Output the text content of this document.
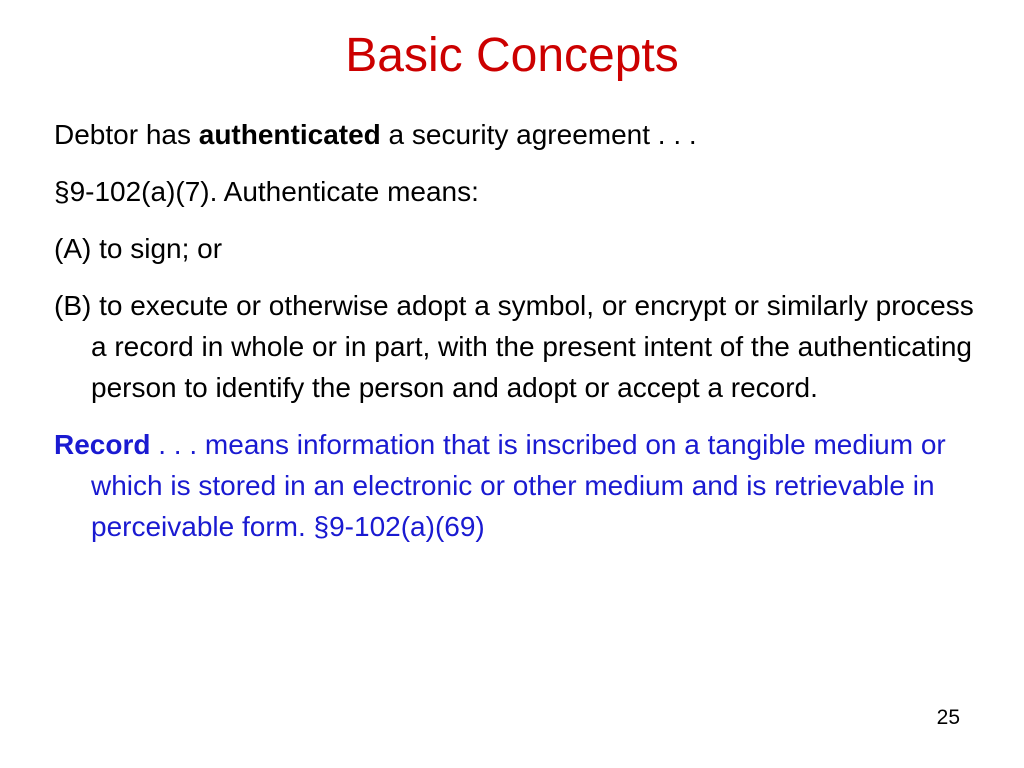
Basic Concepts

Debtor has authenticated a security agreement . . .

§9-102(a)(7). Authenticate means:

(A) to sign; or

(B) to execute or otherwise adopt a symbol, or encrypt or similarly process a record in whole or in part, with the present intent of the authenticating person to identify the person and adopt or accept a record.

Record . . . means information that is inscribed on a tangible medium or which is stored in an electronic or other medium and is retrievable in perceivable form. §9-102(a)(69)

25
